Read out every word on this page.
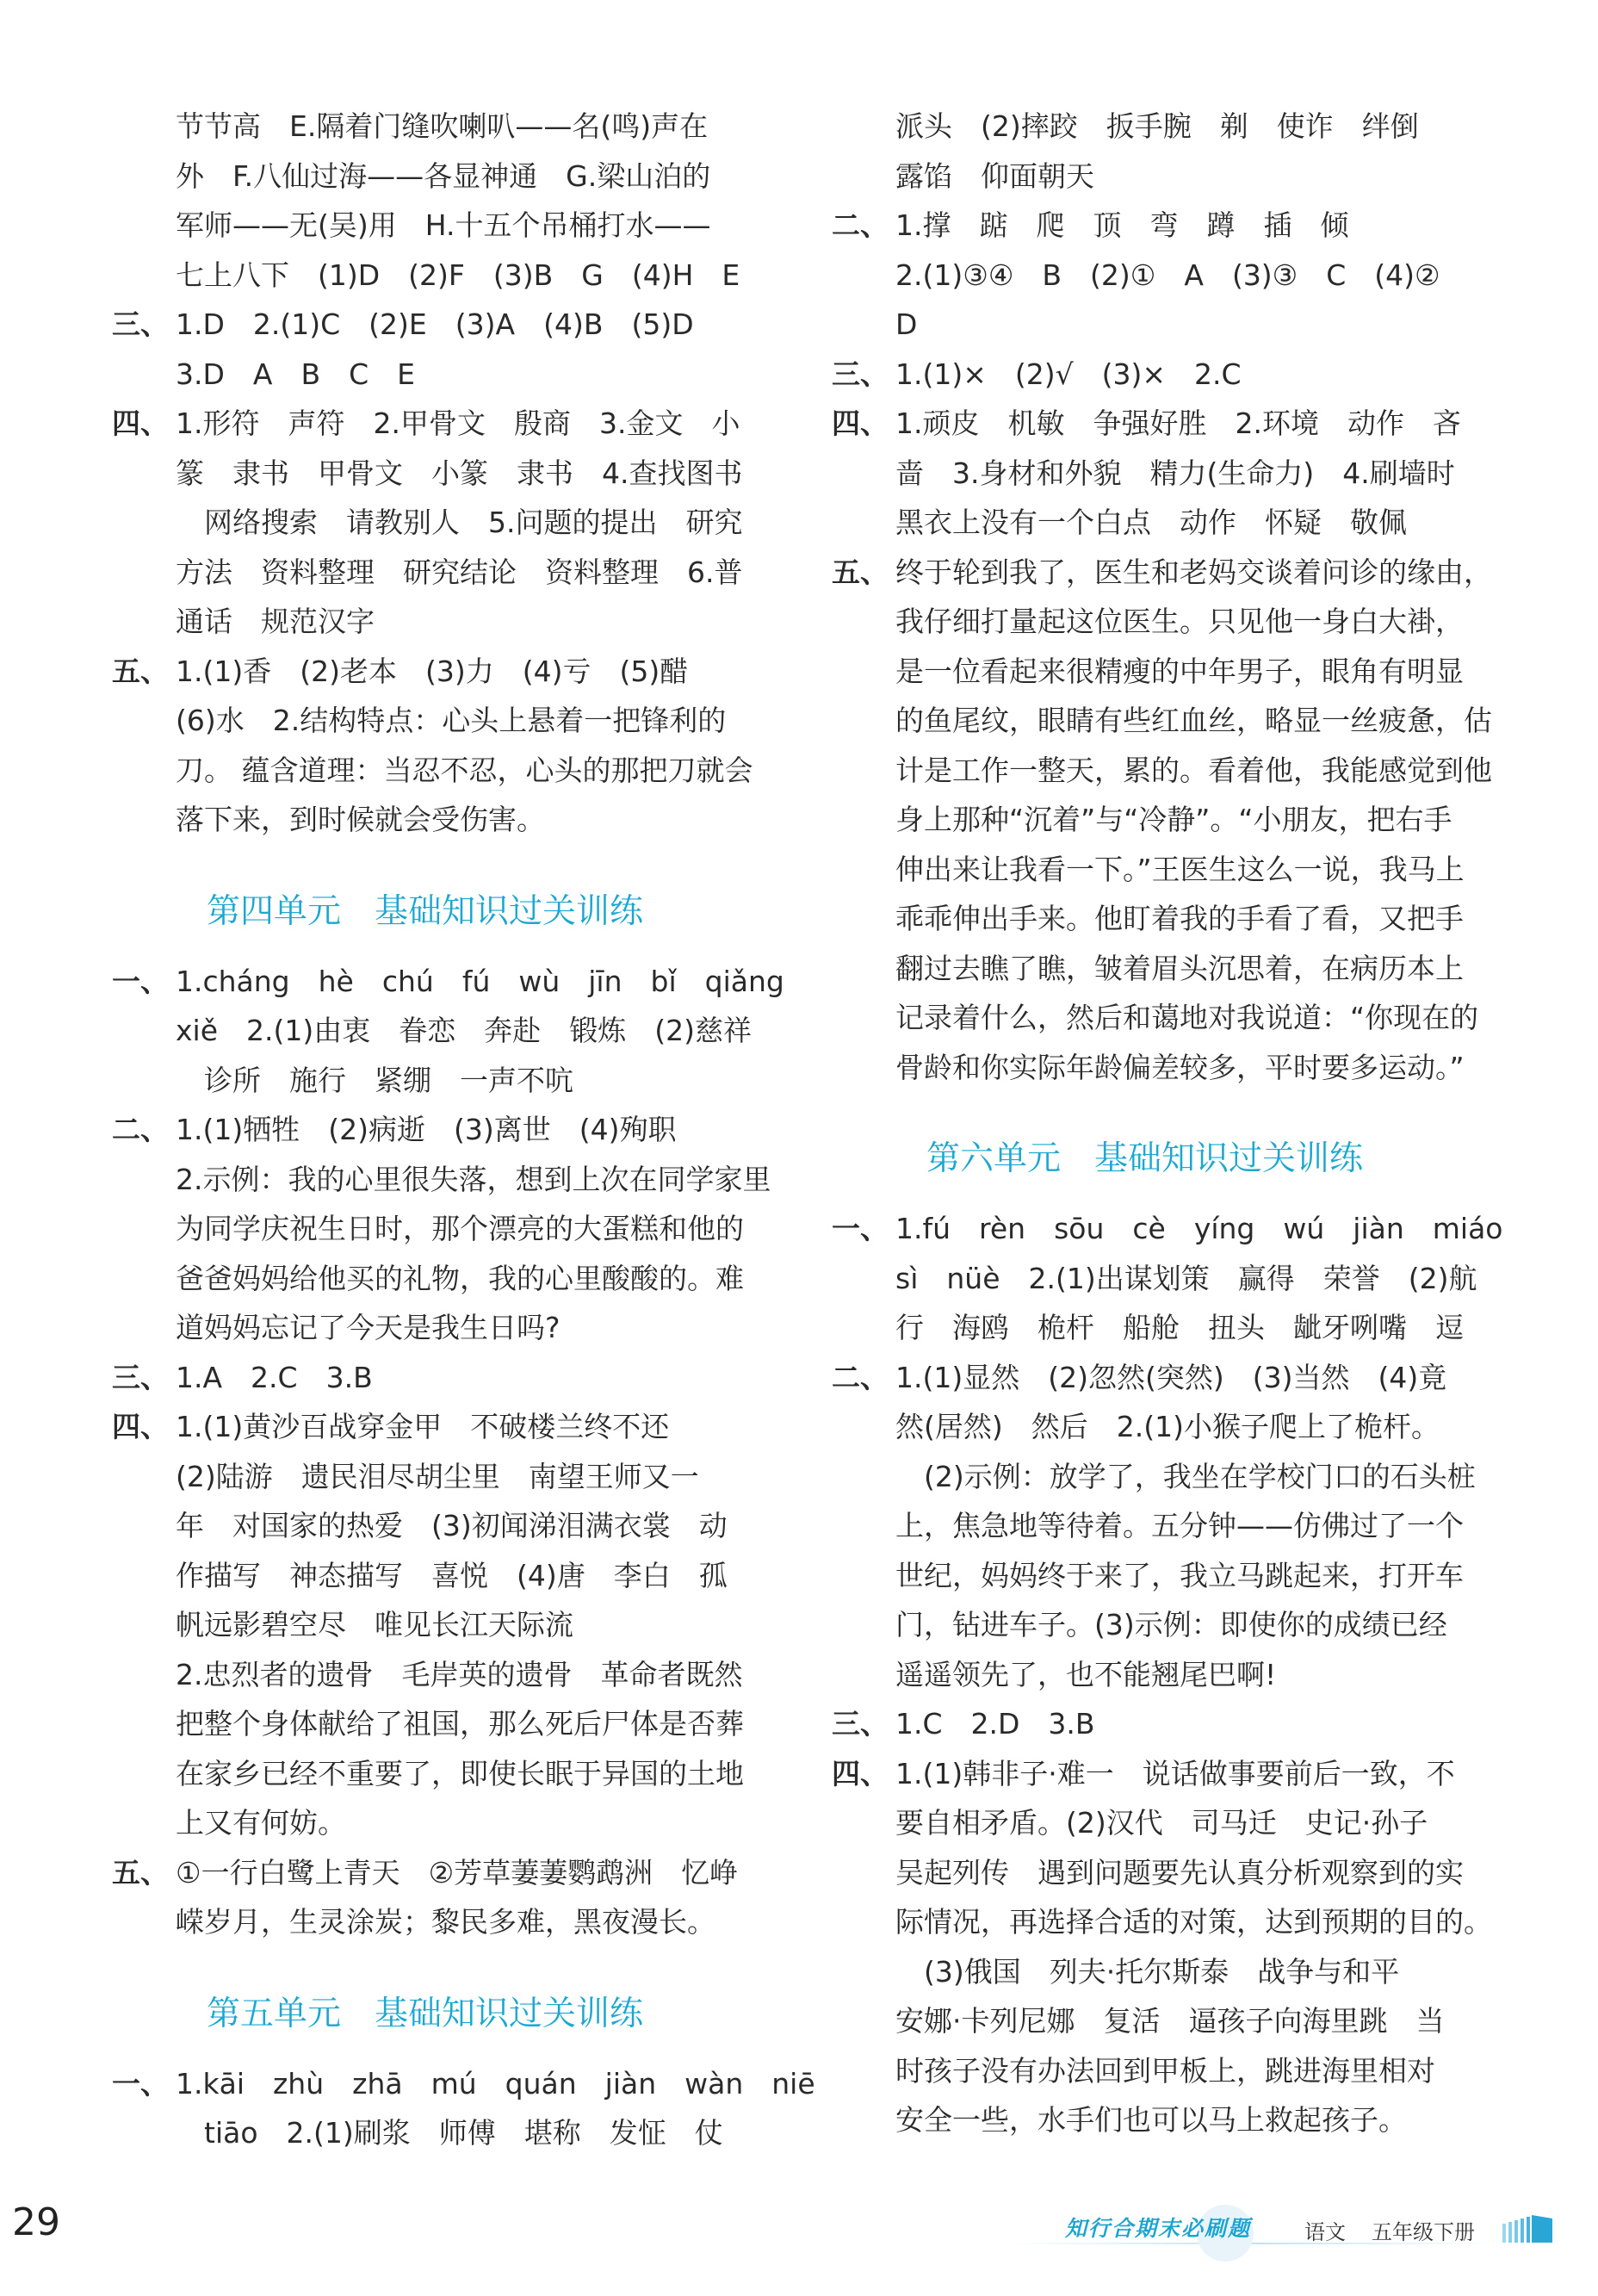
节节高　E.隔着门缝吹喇叭——名(鸣)声在
外　F.八仙过海——各显神通　G.梁山泊的
军师——无(吴)用　H.十五个吊桶打水——
七上八下　(1)D　(2)F　(3)B　G　(4)H　E
三、 1.D　2.(1)C　(2)E　(3)A　(4)B　(5)D
3.D　A　B　C　E
四、 1.形符　声符　2.甲骨文　殷商　3.金文　小
篆　隶书　甲骨文　小篆　隶书　4.查找图书
　网络搜索　请教别人　5.问题的提出　研究
方法　资料整理　研究结论　资料整理　6.普
通话　规范汉字
五、 1.(1)香　(2)老本　(3)力　(4)亏　(5)醋
(6)水　2.结构特点：心头上悬着一把锋利的
刀。 蕴含道理：当忍不忍，心头的那把刀就会
落下来，到时候就会受伤害。
第四单元　基础知识过关训练
一、 1.cháng　hè　chú　fú　wù　jīn　bǐ　qiǎng
xiě　2.(1)由衷　眷恋　奔赴　锻炼　(2)慈祥
　诊所　施行　紧绷　一声不吭
二、 1.(1)牺牲　(2)病逝　(3)离世　(4)殉职
2.示例：我的心里很失落，想到上次在同学家里
为同学庆祝生日时，那个漂亮的大蛋糕和他的
爸爸妈妈给他买的礼物，我的心里酸酸的。难
道妈妈忘记了今天是我生日吗?
三、 1.A　2.C　3.B
四、 1.(1)黄沙百战穿金甲　不破楼兰终不还
(2)陆游　遗民泪尽胡尘里　南望王师又一
年　对国家的热爱　(3)初闻涕泪满衣裳　动
作描写　神态描写　喜悦　(4)唐　李白　孤
帆远影碧空尽　唯见长江天际流
2.忠烈者的遗骨　毛岸英的遗骨　革命者既然
把整个身体献给了祖国，那么死后尸体是否葬
在家乡已经不重要了，即使长眠于异国的土地
上又有何妨。
五、 ①一行白鹭上青天　②芳草萋萋鹦鹉洲　忆峥
嵘岁月，生灵涂炭；黎民多难，黑夜漫长。
第五单元　基础知识过关训练
一、 1.kāi　zhù　zhā　mú　quán　jiàn　wàn　niē
　tiāo　2.(1)刷浆　师傅　堪称　发怔　仗
派头　(2)摔跤　扳手腕　剃　使诈　绊倒
露馅　仰面朝天
二、 1.撑　踮　爬　顶　弯　蹲　插　倾
2.(1)③④　B　(2)①　A　(3)③　C　(4)②
D
三、 1.(1)×　(2)√　(3)×　2.C
四、 1.顽皮　机敏　争强好胜　2.环境　动作　吝
啬　3.身材和外貌　精力(生命力)　4.刷墙时
黑衣上没有一个白点　动作　怀疑　敬佩
五、 终于轮到我了，医生和老妈交谈着问诊的缘由，
我仔细打量起这位医生。只见他一身白大褂，
是一位看起来很精瘦的中年男子，眼角有明显
的鱼尾纹，眼睛有些红血丝，略显一丝疲惫，估
计是工作一整天，累的。看着他，我能感觉到他
身上那种“沉着”与“冷静”。“小朋友，把右手
伸出来让我看一下。”王医生这么一说，我马上
乖乖伸出手来。他盯着我的手看了看，又把手
翻过去瞧了瞧，皱着眉头沉思着，在病历本上
记录着什么，然后和蔼地对我说道：“你现在的
骨龄和你实际年龄偏差较多，平时要多运动。”
第六单元　基础知识过关训练
一、 1.fú　rèn　sōu　cè　yíng　wú　jiàn　miáo
sì　nüè　2.(1)出谋划策　赢得　荣誉　(2)航
行　海鸥　桅杆　船舱　扭头　龇牙咧嘴　逗
二、 1.(1)显然　(2)忽然(突然)　(3)当然　(4)竟
然(居然)　然后　2.(1)小猴子爬上了桅杆。
　(2)示例：放学了，我坐在学校门口的石头桩
上，焦急地等待着。五分钟——仿佛过了一个
世纪，妈妈终于来了，我立马跳起来，打开车
门，钻进车子。(3)示例：即使你的成绩已经
遥遥领先了，也不能翘尾巴啊!
三、 1.C　2.D　3.B
四、 1.(1)韩非子·难一　说话做事要前后一致，不
要自相矛盾。(2)汉代　司马迁　史记·孙子
吴起列传　遇到问题要先认真分析观察到的实
际情况，再选择合适的对策，达到预期的目的。
　(3)俄国　列夫·托尔斯泰　战争与和平
安娜·卡列尼娜　复活　逼孩子向海里跳　当
时孩子没有办法回到甲板上，跳进海里相对
安全一些，水手们也可以马上救起孩子。
29	知行合期末必刷题	语文 五年级下册
